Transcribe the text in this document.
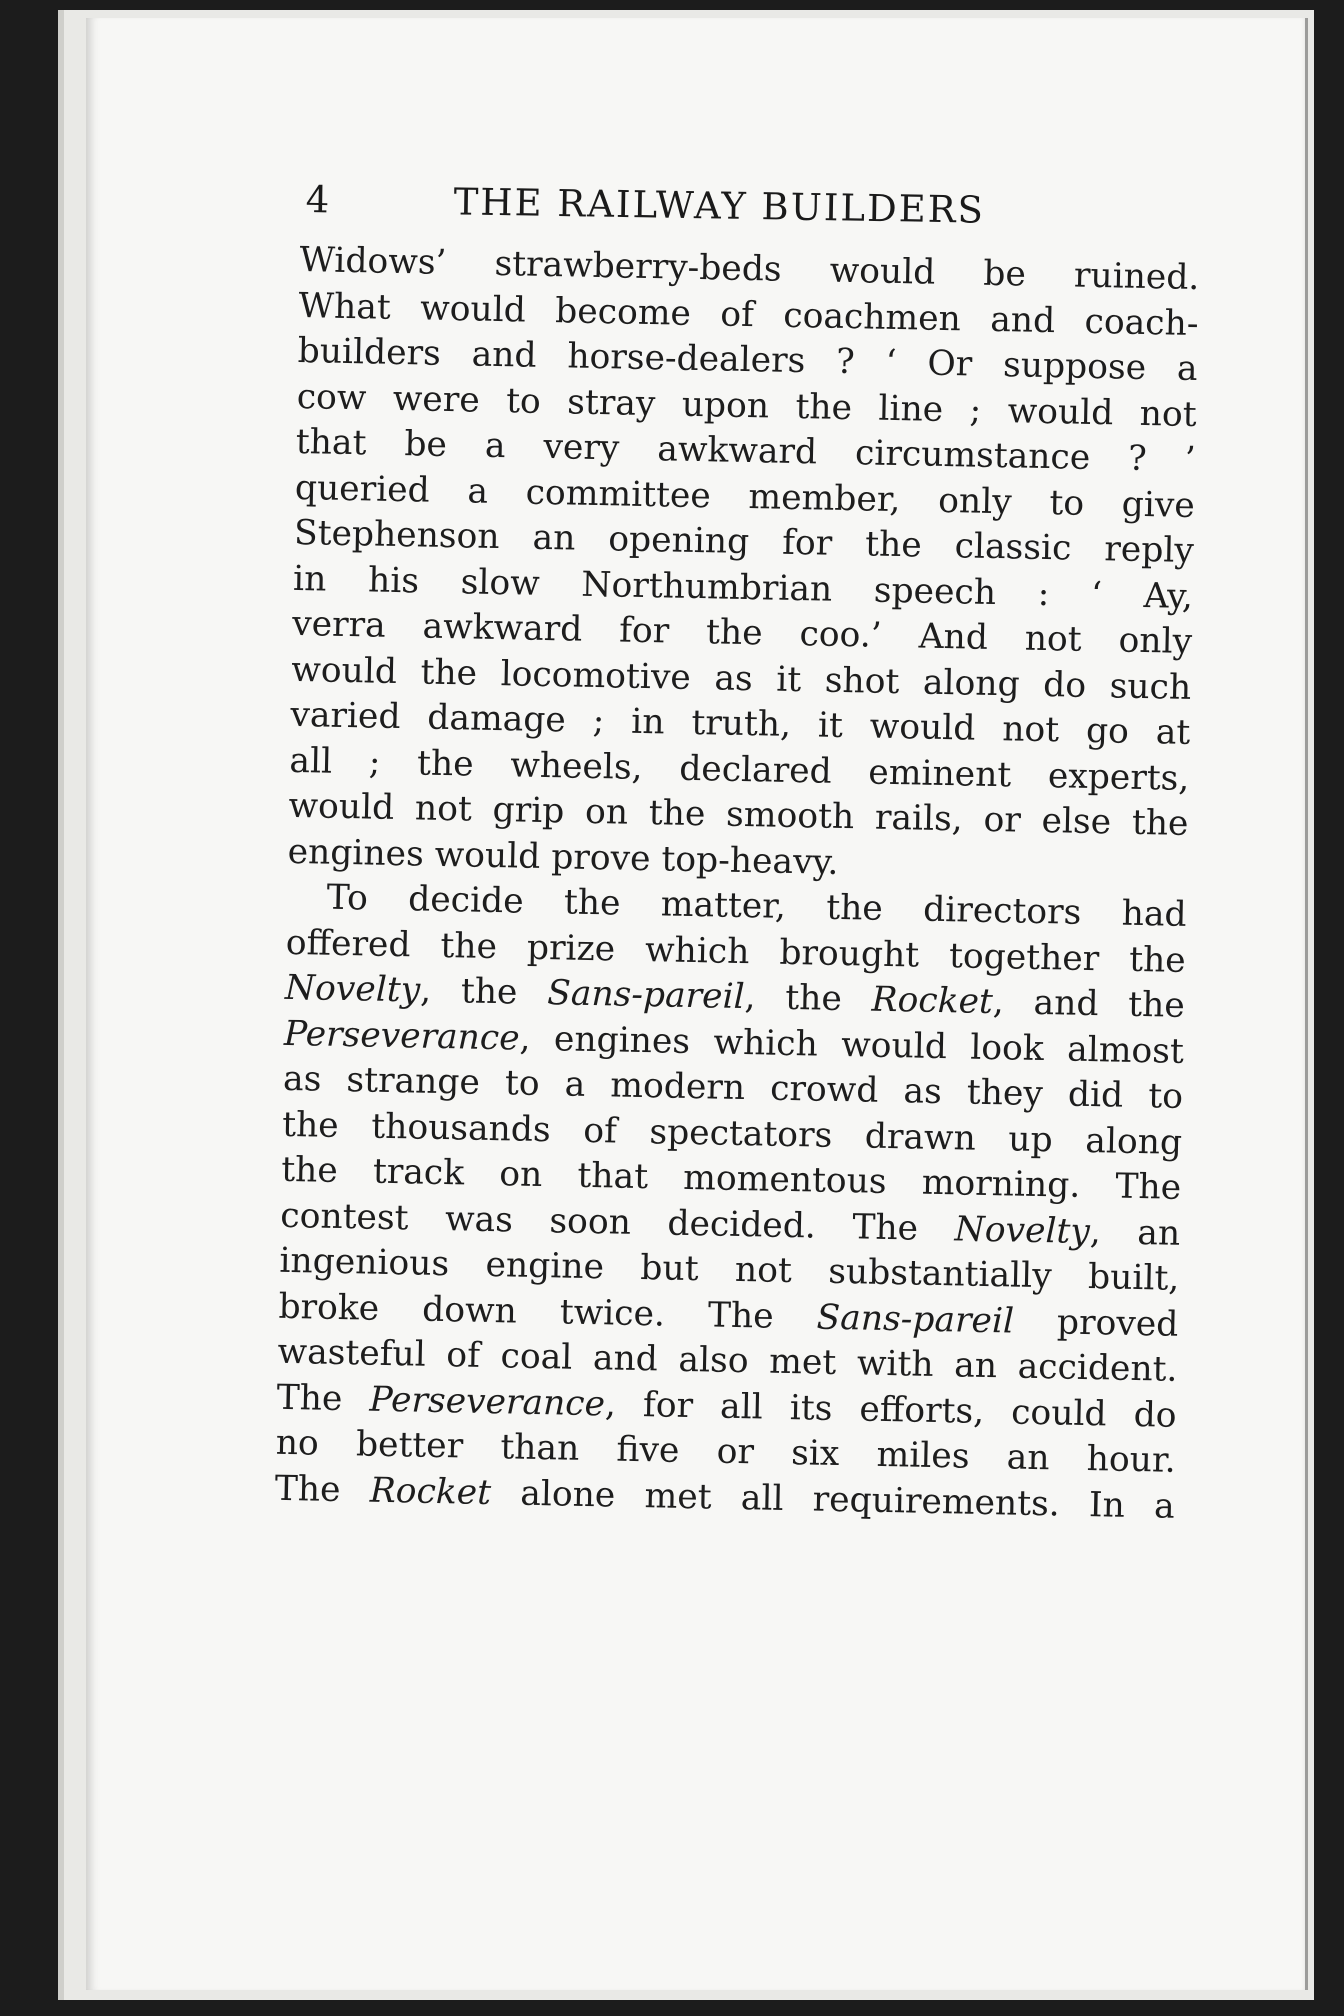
4	THE RAILWAY BUILDERS
Widows’ strawberry-beds would be ruined.
What would become of coachmen and coach-
builders and horse-dealers ? ‘ Or suppose a
cow were to stray upon the line ; would not
that be a very awkward circumstance ? ’
queried a committee member, only to give
Stephenson an opening for the classic reply
in his slow Northumbrian speech : ‘ Ay,
verra awkward for the coo.’ And not only
would the locomotive as it shot along do such
varied damage ; in truth, it would not go at
all ; the wheels, declared eminent experts,
would not grip on the smooth rails, or else the
engines would prove top-heavy.
To decide the matter, the directors had
offered the prize which brought together the
Novelty, the Sans-pareil, the Rocket, and the
Perseverance, engines which would look almost
as strange to a modern crowd as they did to
the thousands of spectators drawn up along
the track on that momentous morning. The
contest was soon decided. The Novelty, an
ingenious engine but not substantially built,
broke down twice. The Sans-pareil proved
wasteful of coal and also met with an accident.
The Perseverance, for all its efforts, could do
no better than five or six miles an hour.
The Rocket alone met all requirements. In a
